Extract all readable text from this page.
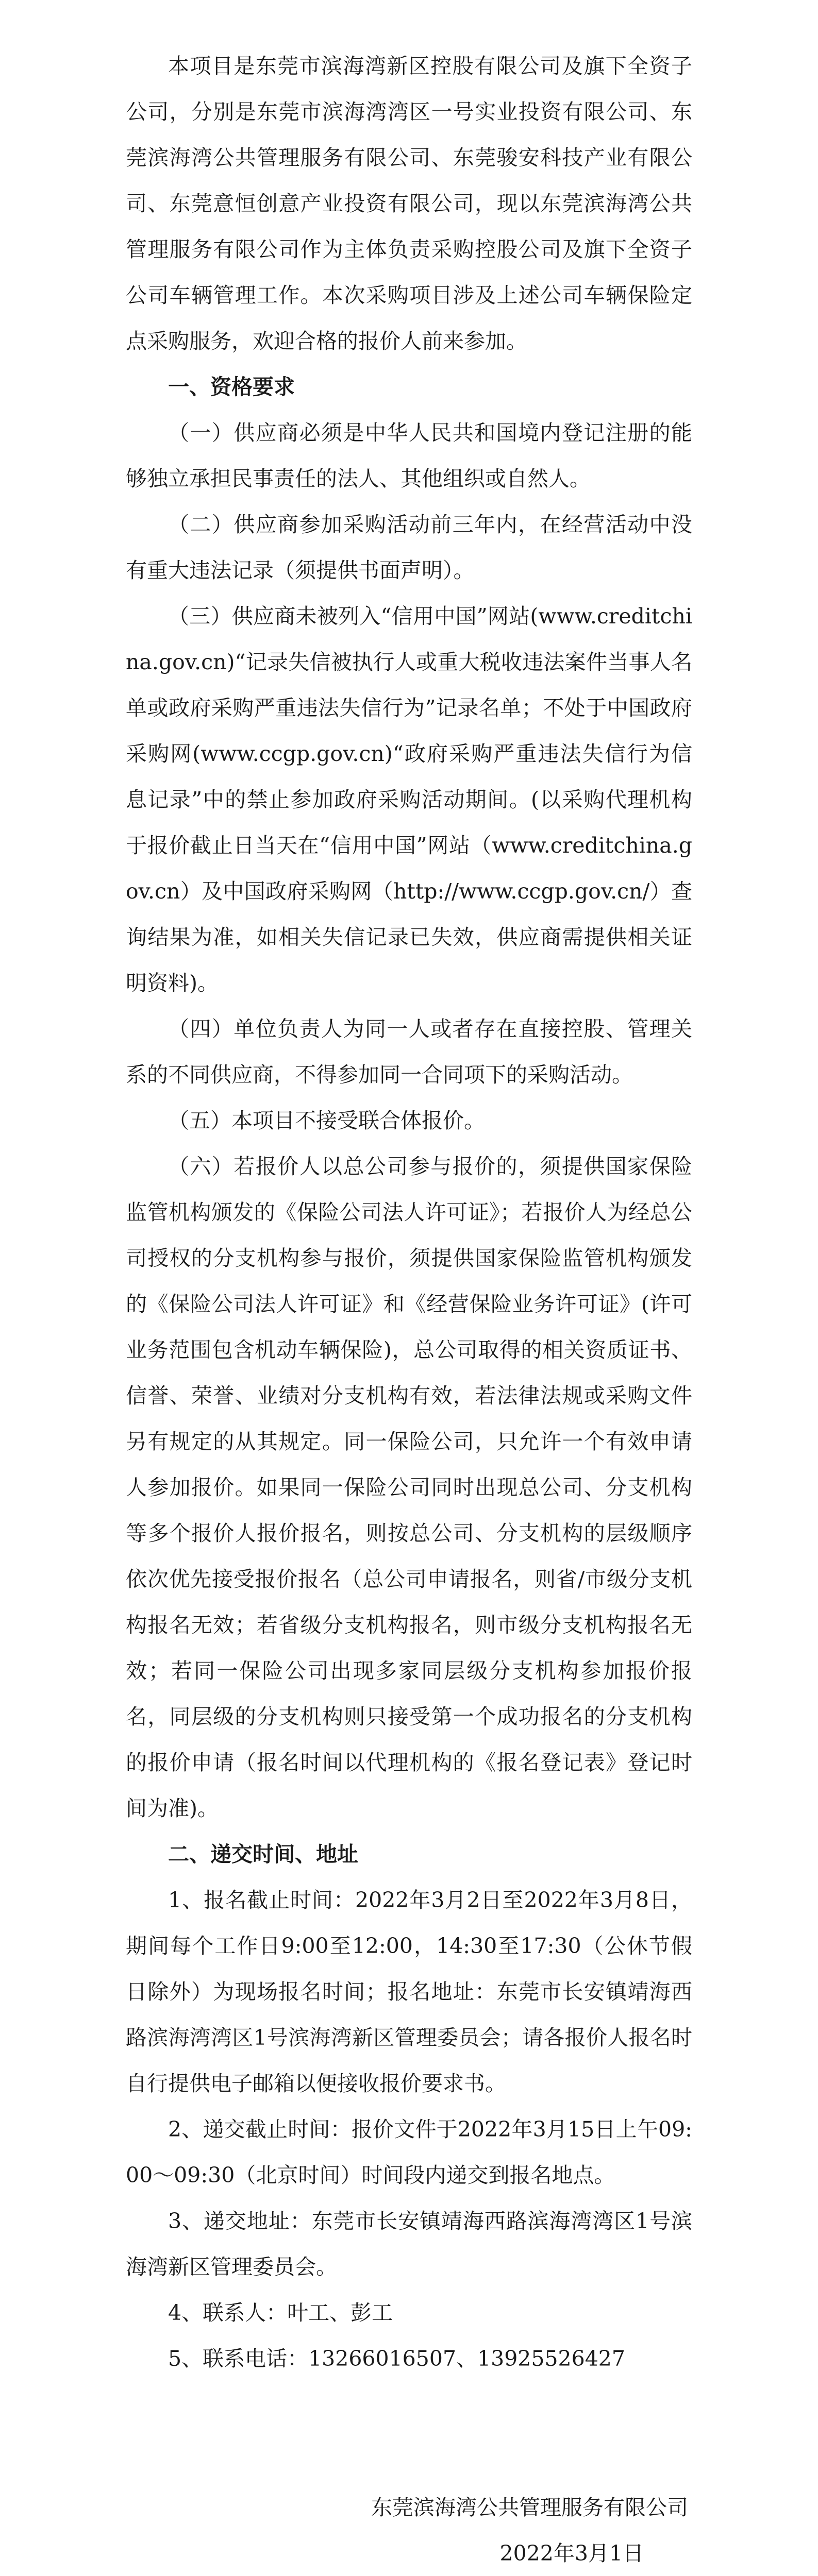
本项目是东莞市滨海湾新区控股有限公司及旗下全资子公司，分别是东莞市滨海湾湾区一号实业投资有限公司、东莞滨海湾公共管理服务有限公司、东莞骏安科技产业有限公司、东莞意恒创意产业投资有限公司，现以东莞滨海湾公共管理服务有限公司作为主体负责采购控股公司及旗下全资子公司车辆管理工作。本次采购项目涉及上述公司车辆保险定点采购服务，欢迎合格的报价人前来参加。

一、资格要求

（一）供应商必须是中华人民共和国境内登记注册的能够独立承担民事责任的法人、其他组织或自然人。

（二）供应商参加采购活动前三年内，在经营活动中没有重大违法记录（须提供书面声明）。

（三）供应商未被列入“信用中国”网站(www.creditchina.gov.cn)“记录失信被执行人或重大税收违法案件当事人名单或政府采购严重违法失信行为”记录名单；不处于中国政府采购网(www.ccgp.gov.cn)“政府采购严重违法失信行为信息记录”中的禁止参加政府采购活动期间。(以采购代理机构于报价截止日当天在“信用中国”网站（www.creditchina.gov.cn）及中国政府采购网（http://www.ccgp.gov.cn/）查询结果为准，如相关失信记录已失效，供应商需提供相关证明资料)。

（四）单位负责人为同一人或者存在直接控股、管理关系的不同供应商，不得参加同一合同项下的采购活动。

（五）本项目不接受联合体报价。

（六）若报价人以总公司参与报价的，须提供国家保险监管机构颁发的《保险公司法人许可证》；若报价人为经总公司授权的分支机构参与报价，须提供国家保险监管机构颁发的《保险公司法人许可证》和《经营保险业务许可证》(许可业务范围包含机动车辆保险)，总公司取得的相关资质证书、信誉、荣誉、业绩对分支机构有效，若法律法规或采购文件另有规定的从其规定。同一保险公司，只允许一个有效申请人参加报价。如果同一保险公司同时出现总公司、分支机构等多个报价人报价报名，则按总公司、分支机构的层级顺序依次优先接受报价报名（总公司申请报名，则省/市级分支机构报名无效；若省级分支机构报名，则市级分支机构报名无效；若同一保险公司出现多家同层级分支机构参加报价报名，同层级的分支机构则只接受第一个成功报名的分支机构的报价申请（报名时间以代理机构的《报名登记表》登记时间为准)。

二、递交时间、地址

1、报名截止时间：2022年3月2日至2022年3月8日，期间每个工作日9:00至12:00，14:30至17:30（公休节假日除外）为现场报名时间；报名地址：东莞市长安镇靖海西路滨海湾湾区1号滨海湾新区管理委员会；请各报价人报名时自行提供电子邮箱以便接收报价要求书。

2、递交截止时间：报价文件于2022年3月15日上午09:00～09:30（北京时间）时间段内递交到报名地点。

3、递交地址：东莞市长安镇靖海西路滨海湾湾区1号滨海湾新区管理委员会。

4、联系人：叶工、彭工

5、联系电话：13266016507、13925526427

东莞滨海湾公共管理服务有限公司

2022年3月1日
